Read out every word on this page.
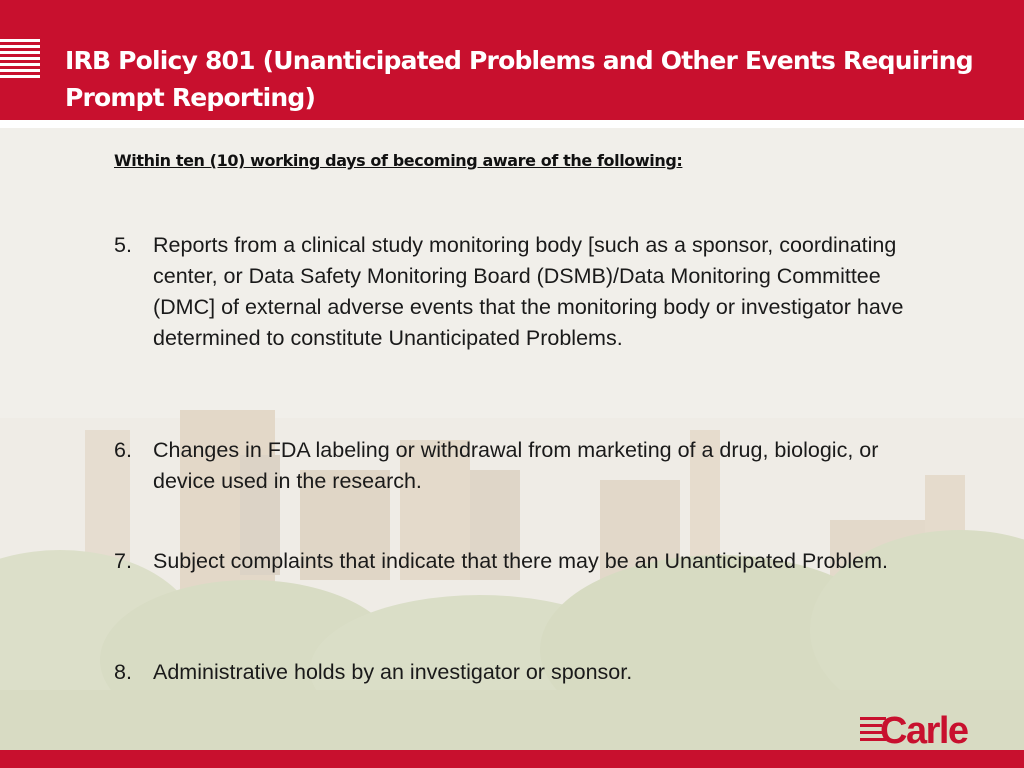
IRB Policy 801 (Unanticipated Problems and Other Events Requiring Prompt Reporting)
Within ten (10) working days of becoming aware of the following:
5. Reports from a clinical study monitoring body [such as a sponsor, coordinating center, or Data Safety Monitoring Board (DSMB)/Data Monitoring Committee (DMC] of external adverse events that the monitoring body or investigator have determined to constitute Unanticipated Problems.
6. Changes in FDA labeling or withdrawal from marketing of a drug, biologic, or device used in the research.
7. Subject complaints that indicate that there may be an Unanticipated Problem.
8. Administrative holds by an investigator or sponsor.
Carle
